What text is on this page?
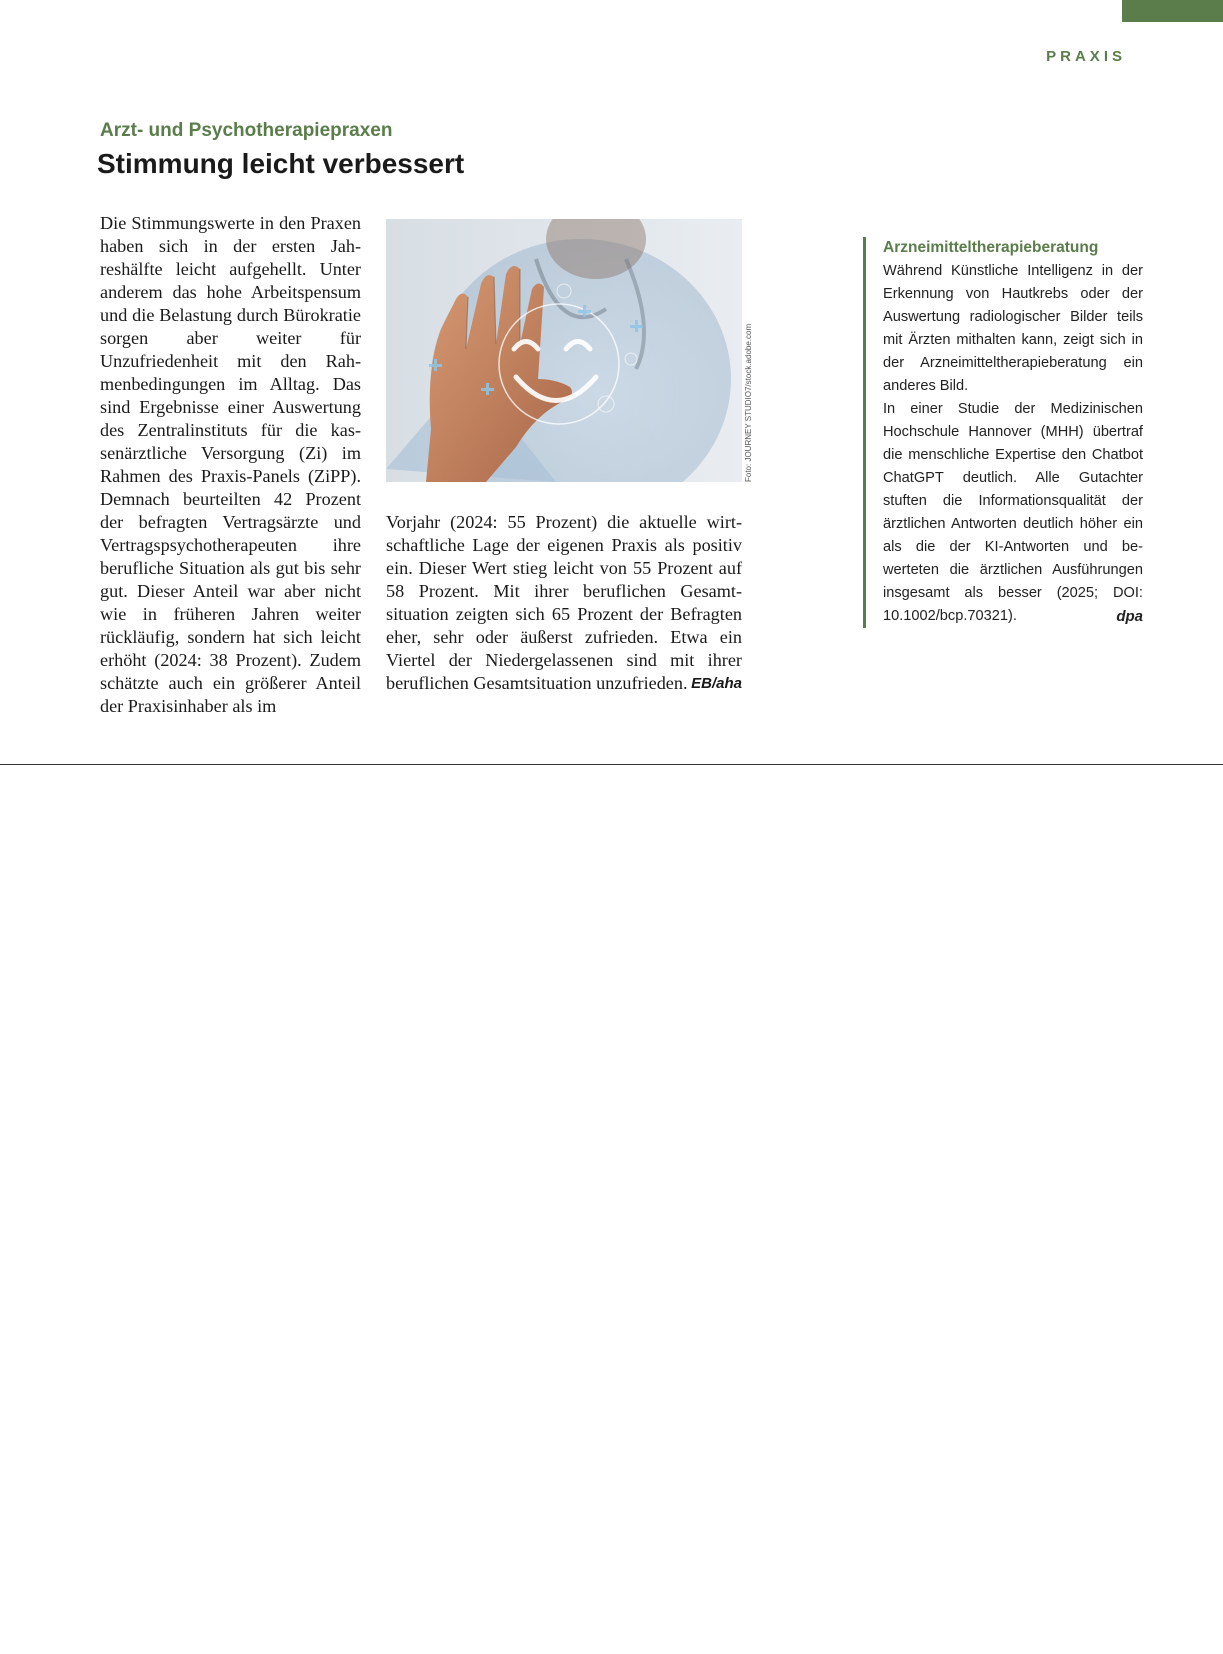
PRAXIS
Arzt- und Psychotherapiepraxen
Stimmung leicht verbessert

Die Stimmungswerte in den Praxen haben sich in der ersten Jahreshälfte leicht aufgehellt. Unter anderem das hohe Arbeitspensum und die Belastung durch Bürokratie sorgen aber weiter für Unzufriedenheit mit den Rahmenbedingungen im Alltag. Das sind Ergebnisse einer Auswertung des Zentralinstituts für die kassenärztliche Versorgung (Zi) im Rahmen des Praxis-Panels (ZiPP). Demnach beurteilten 42 Prozent der befragten Vertragsärzte und Vertragspsychotherapeuten ihre berufliche Situation als gut bis sehr gut. Dieser Anteil war aber nicht wie in früheren Jahren weiter rückläufig, sondern hat sich leicht erhöht (2024: 38 Prozent). Zudem schätzte auch ein größerer Anteil der Praxisinhaber als im

Foto: JOURNEY STUDIO7/stock.adobe.com

Vorjahr (2024: 55 Prozent) die aktuelle wirtschaftliche Lage der eigenen Praxis als positiv ein. Dieser Wert stieg leicht von 55 Prozent auf 58 Prozent. Mit ihrer beruflichen Gesamtsituation zeigten sich 65 Prozent der Befragten eher, sehr oder äußerst zufrieden. Etwa ein Viertel der Niedergelassenen sind mit ihrer beruflichen Gesamtsituation unzufrieden. EB/aha

Arzneimitteltherapieberatung

Während Künstliche Intelligenz in der Erkennung von Hautkrebs oder der Auswertung radiologischer Bilder teils mit Ärzten mithalten kann, zeigt sich in der Arzneimitteltherapieberatung ein anderes Bild.

In einer Studie der Medizinischen Hochschule Hannover (MHH) übertraf die menschliche Expertise den Chatbot ChatGPT deutlich. Alle Gutachter stuften die Informationsqualität der ärztlichen Antworten deutlich höher ein als die der KI-Antworten und bewerteten die ärztlichen Ausführungen insgesamt als besser (2025; DOI: 10.1002/bcp.70321).	dpa
